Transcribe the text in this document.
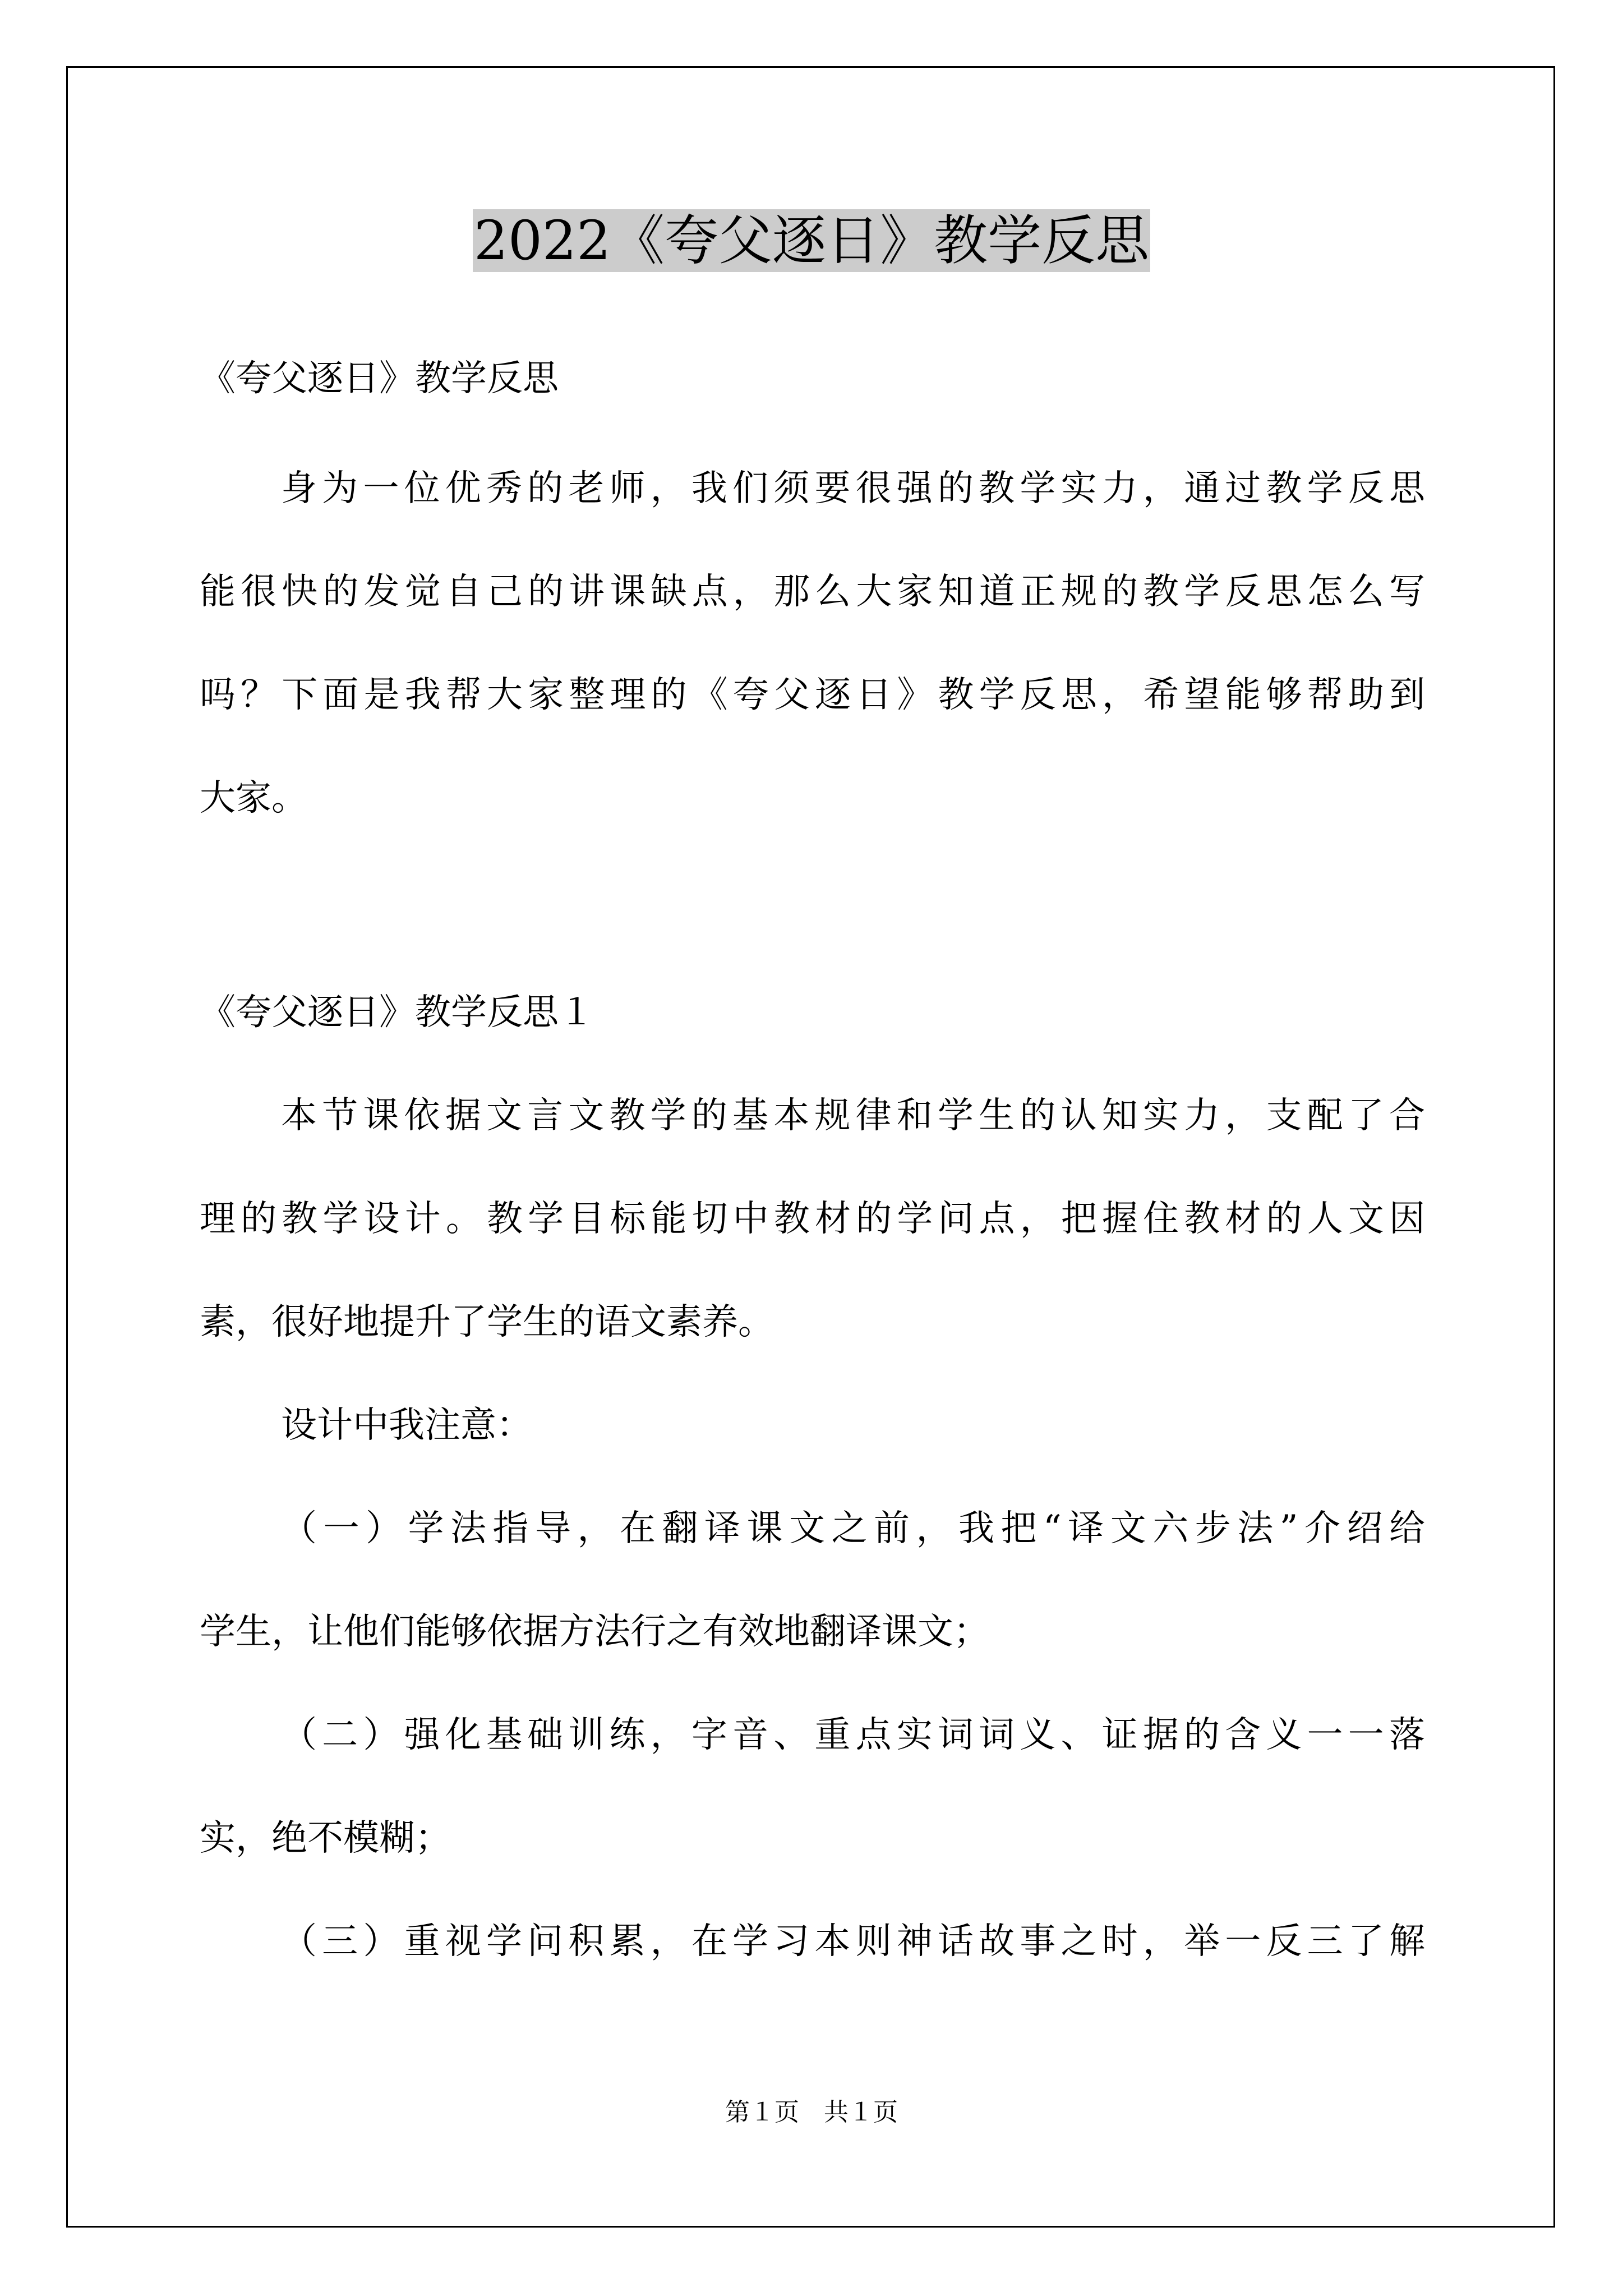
2022《夸父逐日》教学反思

《夸父逐日》教学反思

身为一位优秀的老师，我们须要很强的教学实力，通过教学反思

能很快的发觉自己的讲课缺点，那么大家知道正规的教学反思怎么写

吗？下面是我帮大家整理的《夸父逐日》教学反思，希望能够帮助到

大家。

《夸父逐日》教学反思１

本节课依据文言文教学的基本规律和学生的认知实力，支配了合

理的教学设计。教学目标能切中教材的学问点，把握住教材的人文因

素，很好地提升了学生的语文素养。

设计中我注意：

（一）学法指导，在翻译课文之前，我把“译文六步法”介绍给

学生，让他们能够依据方法行之有效地翻译课文；

（二）强化基础训练，字音、重点实词词义、证据的含义一一落

实，绝不模糊；

（三）重视学问积累，在学习本则神话故事之时，举一反三了解

第１页　共１页
